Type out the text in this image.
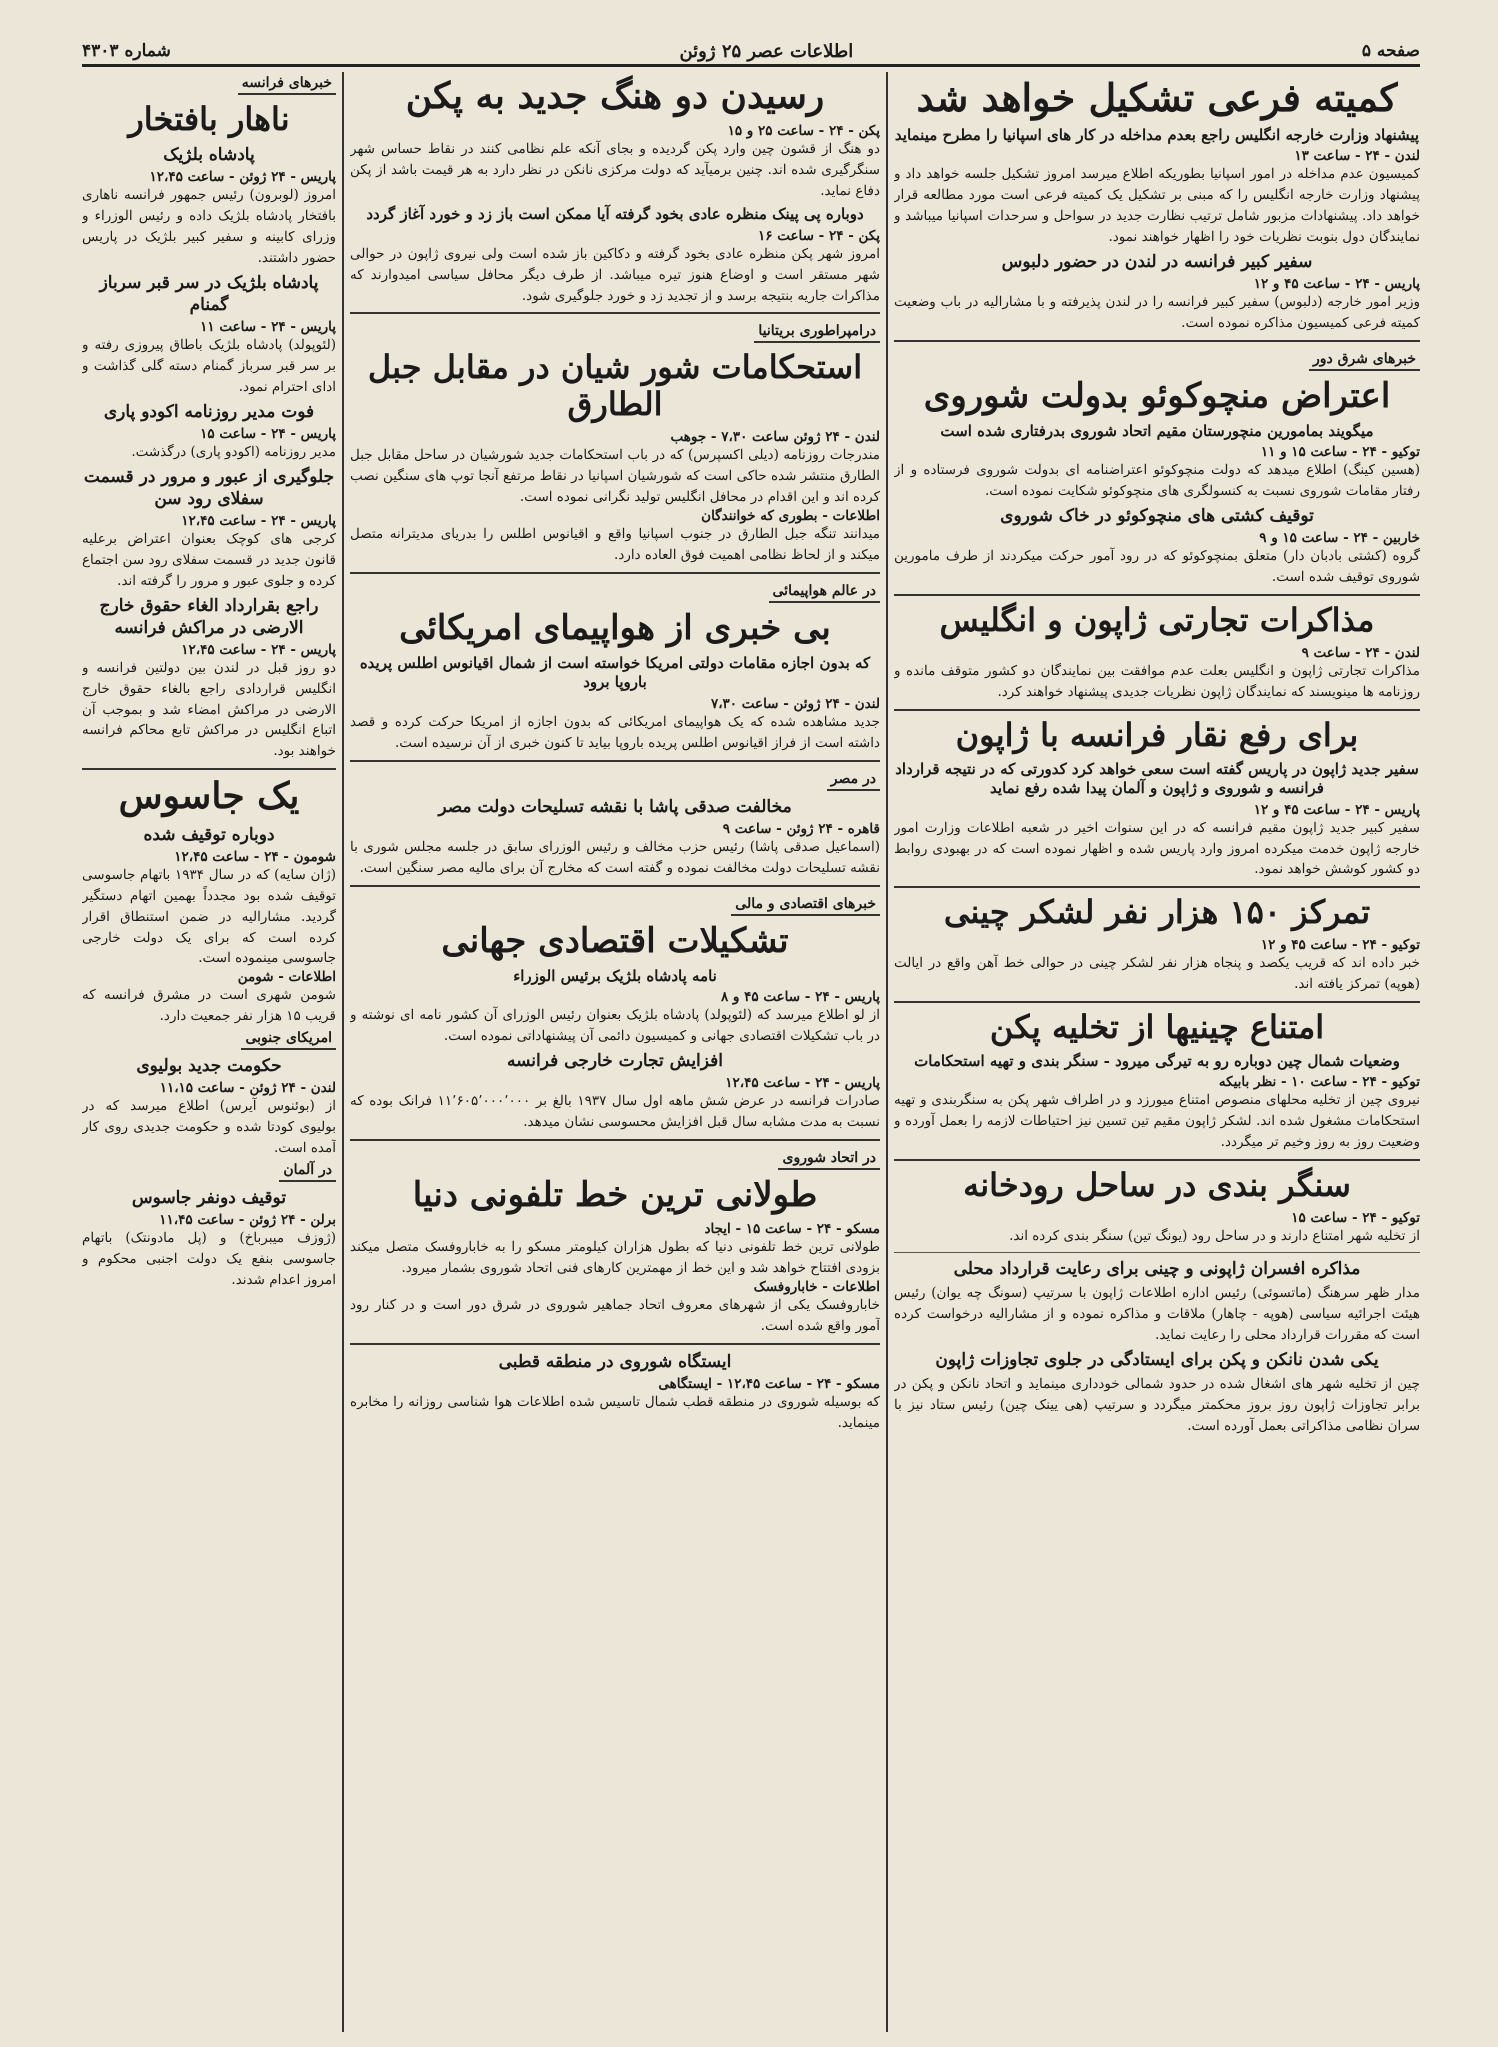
صفحه ۵
اطلاعات عصر ۲۵ ژوئن
شماره ۴۳۰۳
کمیته فرعی تشکیل خواهد شد
پیشنهاد وزارت خارجه انگلیس راجع بعدم مداخله در کار های اسپانیا را مطرح مینماید
لندن - ۲۴ - ساعت ۱۳

کمیسیون عدم مداخله در امور اسپانیا بطوریکه اطلاع میرسد امروز تشکیل جلسه خواهد داد و پیشنهاد وزارت خارجه انگلیس را که مبنی بر تشکیل یک کمیته فرعی است مورد مطالعه قرار خواهد داد. پیشنهادات مزبور شامل ترتیب نظارت جدید در سواحل و سرحدات اسپانیا میباشد و نمایندگان دول بنوبت نظریات خود را اظهار خواهند نمود.

سفیر کبیر فرانسه در لندن در حضور دلبوس
پاریس - ۲۴ - ساعت ۴۵ و ۱۲

وزیر امور خارجه (دلبوس) سفیر کبیر فرانسه را در لندن پذیرفته و با مشارالیه در باب وضعیت کمیته فرعی کمیسیون مذاکره نموده است.

خبرهای شرق دور
اعتراض منچوکوئو بدولت شوروی
میگویند بمامورین منچورستان مقیم اتحاد شوروی بدرفتاری شده است
توکیو - ۲۴ - ساعت ۱۵ و ۱۱

(هسین کینگ) اطلاع میدهد که دولت منچوکوئو اعتراضنامه ای بدولت شوروی فرستاده و از رفتار مقامات شوروی نسبت به کنسولگری های منچوکوئو شکایت نموده است.

توقیف کشتی های منچوکوئو در خاک شوروی
خاربین - ۲۴ - ساعت ۱۵ و ۹

گروه (کشتی بادبان دار) متعلق بمنچوکوئو که در رود آمور حرکت میکردند از طرف مامورین شوروی توقیف شده است.

مذاکرات تجارتی ژاپون و انگلیس
لندن - ۲۴ - ساعت ۹

مذاکرات تجارتی ژاپون و انگلیس بعلت عدم موافقت بین نمایندگان دو کشور متوقف مانده و روزنامه ها مینویسند که نمایندگان ژاپون نظریات جدیدی پیشنهاد خواهند کرد.

برای رفع نقار فرانسه با ژاپون
سفیر جدید ژاپون در پاریس گفته است سعی خواهد کرد کدورتی که در نتیجه قرارداد فرانسه و شوروی و ژاپون و آلمان پیدا شده رفع نماید
پاریس - ۲۴ - ساعت ۴۵ و ۱۲

سفیر کبیر جدید ژاپون مقیم فرانسه که در این سنوات اخیر در شعبه اطلاعات وزارت امور خارجه ژاپون خدمت میکرده امروز وارد پاریس شده و اظهار نموده است که در بهبودی روابط دو کشور کوشش خواهد نمود.

تمرکز ۱۵۰ هزار نفر لشکر چینی
توکیو - ۲۴ - ساعت ۴۵ و ۱۲

خبر داده اند که قریب یکصد و پنجاه هزار نفر لشکر چینی در حوالی خط آهن واقع در ایالت (هوپه) تمرکز یافته اند.

امتناع چینیها از تخلیه پکن
وضعیات شمال چین دوباره رو به تیرگی میرود - سنگر بندی و تهیه استحکامات
توکیو - ۲۴ - ساعت ۱۰ - نظر بابیکه

نیروی چین از تخلیه محلهای منصوص امتناع میورزد و در اطراف شهر پکن به سنگربندی و تهیه استحکامات مشغول شده اند. لشکر ژاپون مقیم تین تسین نیز احتیاطات لازمه را بعمل آورده و وضعیت روز به روز وخیم تر میگردد.

سنگر بندی در ساحل رودخانه
توکیو - ۲۴ - ساعت ۱۵

از تخلیه شهر امتناع دارند و در ساحل رود (یونگ تین) سنگر بندی کرده اند.

مذاکره افسران ژاپونی و چینی برای رعایت قرارداد محلی

مدار ظهر سرهنگ (ماتسوئی) رئیس اداره اطلاعات ژاپون با سرتیپ (سونگ چه یوان) رئیس هیئت اجرائیه سیاسی (هوپه - چاهار) ملاقات و مذاکره نموده و از مشارالیه درخواست کرده است که مقررات قرارداد محلی را رعایت نماید.

یکی شدن نانکن و پکن برای ایستادگی در جلوی تجاوزات ژاپون

چین از تخلیه شهر های اشغال شده در حدود شمالی خودداری مینماید و اتحاد نانکن و پکن در برابر تجاوزات ژاپون روز بروز محکمتر میگردد و سرتیپ (هی یینک چین) رئیس ستاد نیز با سران نظامی مذاکراتی بعمل آورده است.

رسیدن دو هنگ جدید به پکن
پکن - ۲۴ - ساعت ۲۵ و ۱۵

دو هنگ از قشون چین وارد پکن گردیده و بجای آنکه علم نظامی کنند در نقاط حساس شهر سنگرگیری شده اند. چنین برمیآید که دولت مرکزی نانکن در نظر دارد به هر قیمت باشد از پکن دفاع نماید.

دوباره پی پینک منظره عادی بخود گرفته آیا ممکن است باز زد و خورد آغاز گردد
پکن - ۲۴ - ساعت ۱۶

امروز شهر پکن منظره عادی بخود گرفته و دکاکین باز شده است ولی نیروی ژاپون در حوالی شهر مستقر است و اوضاع هنوز تیره میباشد. از طرف دیگر محافل سیاسی امیدوارند که مذاکرات جاریه بنتیجه برسد و از تجدید زد و خورد جلوگیری شود.

درامپراطوری بریتانیا
استحکامات شور شیان در مقابل جبل الطارق
لندن - ۲۴ ژوئن ساعت ۷،۳۰ - جوهب

مندرجات روزنامه (دیلی اکسپرس) که در باب استحکامات جدید شورشیان در ساحل مقابل جبل الطارق منتشر شده حاکی است که شورشیان اسپانیا در نقاط مرتفع آنجا توپ های سنگین نصب کرده اند و این اقدام در محافل انگلیس تولید نگرانی نموده است.

اطلاعات - بطوری که خوانندگان

میدانند تنگه جبل الطارق در جنوب اسپانیا واقع و اقیانوس اطلس را بدریای مدیترانه متصل میکند و از لحاظ نظامی اهمیت فوق العاده دارد.

در عالم هواپیمائی
بی خبری از هواپیمای امریکائی
که بدون اجازه مقامات دولتی امریکا خواسته است از شمال اقیانوس اطلس پریده باروپا برود
لندن - ۲۴ ژوئن - ساعت ۷،۳۰

جدید مشاهده شده که یک هواپیمای امریکائی که بدون اجازه از امریکا حرکت کرده و قصد داشته است از فراز اقیانوس اطلس پریده باروپا بیاید تا کنون خبری از آن نرسیده است.

در مصر
مخالفت صدقی پاشا با نقشه تسلیحات دولت مصر
قاهره - ۲۴ ژوئن - ساعت ۹

(اسماعیل صدقی پاشا) رئیس حزب مخالف و رئیس الوزرای سابق در جلسه مجلس شوری با نقشه تسلیحات دولت مخالفت نموده و گفته است که مخارج آن برای مالیه مصر سنگین است.

خبرهای اقتصادی و مالی
تشکیلات اقتصادی جهانی
نامه پادشاه بلژیک برئیس الوزراء
پاریس - ۲۴ - ساعت ۴۵ و ۸

از لو اطلاع میرسد که (لئوپولد) پادشاه بلژیک بعنوان رئیس الوزرای آن کشور نامه ای نوشته و در باب تشکیلات اقتصادی جهانی و کمیسیون دائمی آن پیشنهاداتی نموده است.

افزایش تجارت خارجی فرانسه
پاریس - ۲۴ - ساعت ۱۲،۴۵

صادرات فرانسه در عرض شش ماهه اول سال ۱۹۳۷ بالغ بر ۱۱٬۶۰۵٬۰۰۰٬۰۰۰ فرانک بوده که نسبت به مدت مشابه سال قبل افزایش محسوسی نشان میدهد.

در اتحاد شوروی
طولانی ترین خط تلفونی دنیا
مسکو - ۲۴ - ساعت ۱۵ - ایجاد

طولانی ترین خط تلفونی دنیا که بطول هزاران کیلومتر مسکو را به خاباروفسک متصل میکند بزودی افتتاح خواهد شد و این خط از مهمترین کارهای فنی اتحاد شوروی بشمار میرود.

اطلاعات - خاباروفسک

خاباروفسک یکی از شهرهای معروف اتحاد جماهیر شوروی در شرق دور است و در کنار رود آمور واقع شده است.

ایستگاه شوروی در منطقه قطبی
مسکو - ۲۴ - ساعت ۱۲،۴۵ - ایستگاهی

که بوسیله شوروی در منطقه قطب شمال تاسیس شده اطلاعات هوا شناسی روزانه را مخابره مینماید.

خبرهای فرانسه
ناهار بافتخار
پادشاه بلژیک
پاریس - ۲۴ ژوئن - ساعت ۱۲،۴۵

امروز (لوبرون) رئیس جمهور فرانسه ناهاری بافتخار پادشاه بلژیک داده و رئیس الوزراء و وزرای کابینه و سفیر کبیر بلژیک در پاریس حضور داشتند.

پادشاه بلژیک در سر قبر سرباز گمنام
پاریس - ۲۴ - ساعت ۱۱

(لئوپولد) پادشاه بلژیک باطاق پیروزی رفته و بر سر قبر سرباز گمنام دسته گلی گذاشت و ادای احترام نمود.

فوت مدیر روزنامه اکودو پاری
پاریس - ۲۴ - ساعت ۱۵

مدیر روزنامه (اکودو پاری) درگذشت.

جلوگیری از عبور و مرور در قسمت سفلای رود سن
پاریس - ۲۴ - ساعت ۱۲،۴۵

کرجی های کوچک بعنوان اعتراض برعلیه قانون جدید در قسمت سفلای رود سن اجتماع کرده و جلوی عبور و مرور را گرفته اند.

راجع بقرارداد الغاء حقوق خارج الارضی در مراکش فرانسه
پاریس - ۲۴ - ساعت ۱۲،۴۵

دو روز قبل در لندن بین دولتین فرانسه و انگلیس قراردادی راجع بالغاء حقوق خارج الارضی در مراکش امضاء شد و بموجب آن اتباع انگلیس در مراکش تابع محاکم فرانسه خواهند بود.

یک جاسوس
دوباره توقیف شده
شومون - ۲۴ - ساعت ۱۲،۴۵

(ژان سایه) که در سال ۱۹۳۴ باتهام جاسوسی توقیف شده بود مجدداً بهمین اتهام دستگیر گردید. مشارالیه در ضمن استنطاق اقرار کرده است که برای یک دولت خارجی جاسوسی مینموده است.

اطلاعات - شومن

شومن شهری است در مشرق فرانسه که قریب ۱۵ هزار نفر جمعیت دارد.

امریکای جنوبی
حکومت جدید بولیوی
لندن - ۲۴ ژوئن - ساعت ۱۱،۱۵

از (بوئنوس آیرس) اطلاع میرسد که در بولیوی کودتا شده و حکومت جدیدی روی کار آمده است.

در آلمان
توقیف دونفر جاسوس
برلن - ۲۴ ژوئن - ساعت ۱۱،۴۵

(ژوزف میبرباخ) و (پل مادونتک) باتهام جاسوسی بنفع یک دولت اجنبی محکوم و امروز اعدام شدند.
